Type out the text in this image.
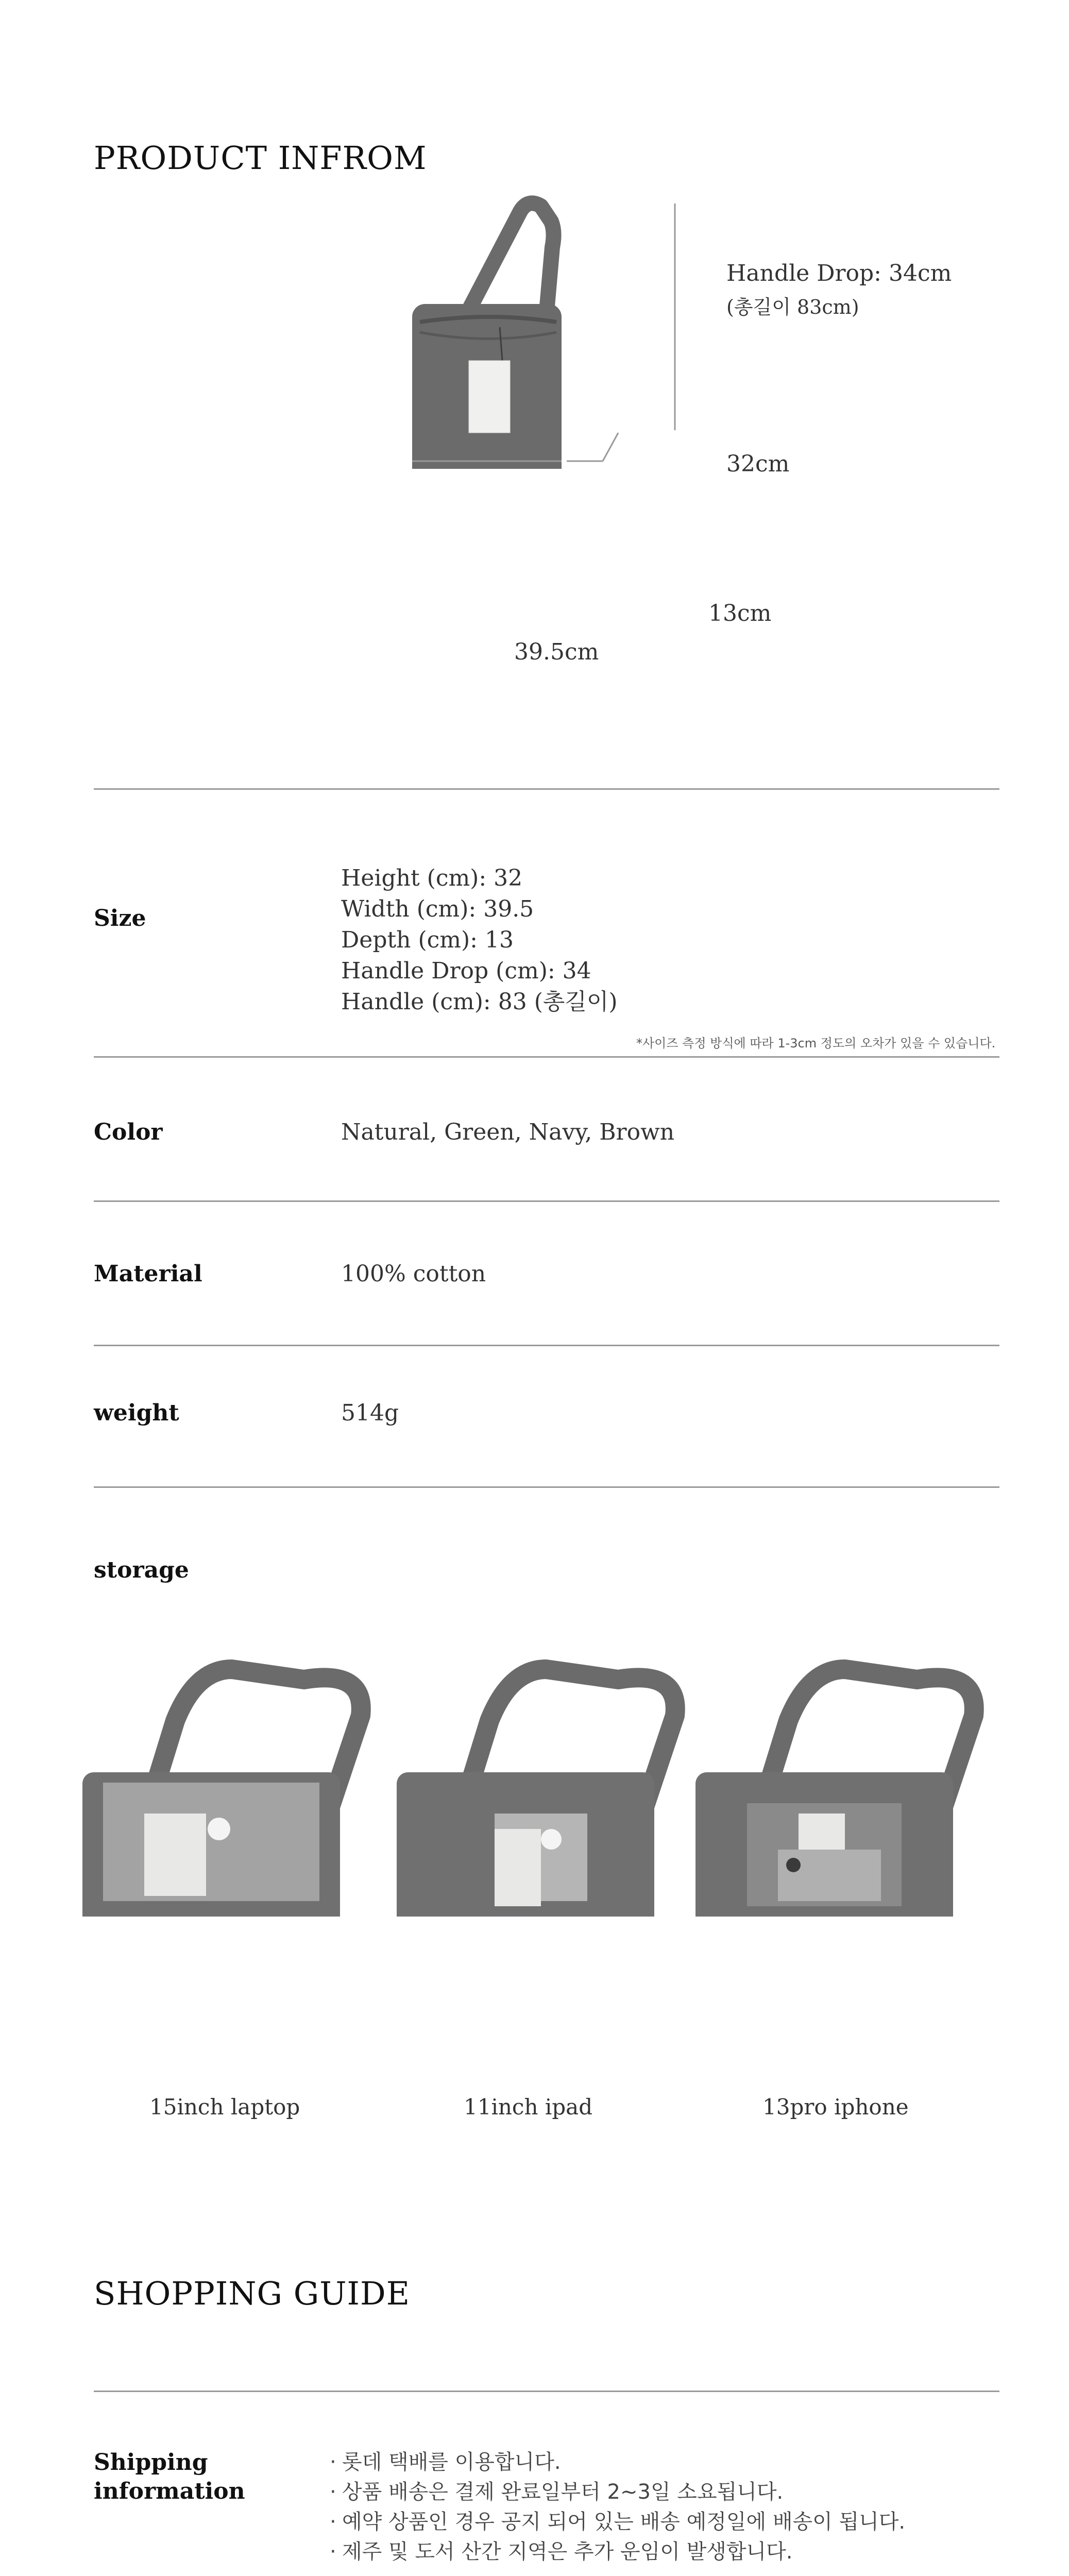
PRODUCT INFROM
Handle Drop: 34cm
(총길이 83cm)
32cm
13cm
39.5cm
Size
Height (cm): 32
Width (cm): 39.5
Depth (cm): 13
Handle Drop (cm): 34
Handle (cm): 83 (총길이)
*사이즈 측정 방식에 따라 1-3cm 정도의 오차가 있을 수 있습니다.
Color	Natural, Green, Navy, Brown
Material	100% cotton
weight	514g
storage
15inch laptop	11inch ipad	13pro iphone
SHOPPING GUIDE
Shipping
information
· 롯데 택배를 이용합니다.
· 상품 배송은 결제 완료일부터 2~3일 소요됩니다.
· 예약 상품인 경우 공지 되어 있는 배송 예정일에 배송이 됩니다.
· 제주 및 도서 산간 지역은 추가 운임이 발생합니다.
